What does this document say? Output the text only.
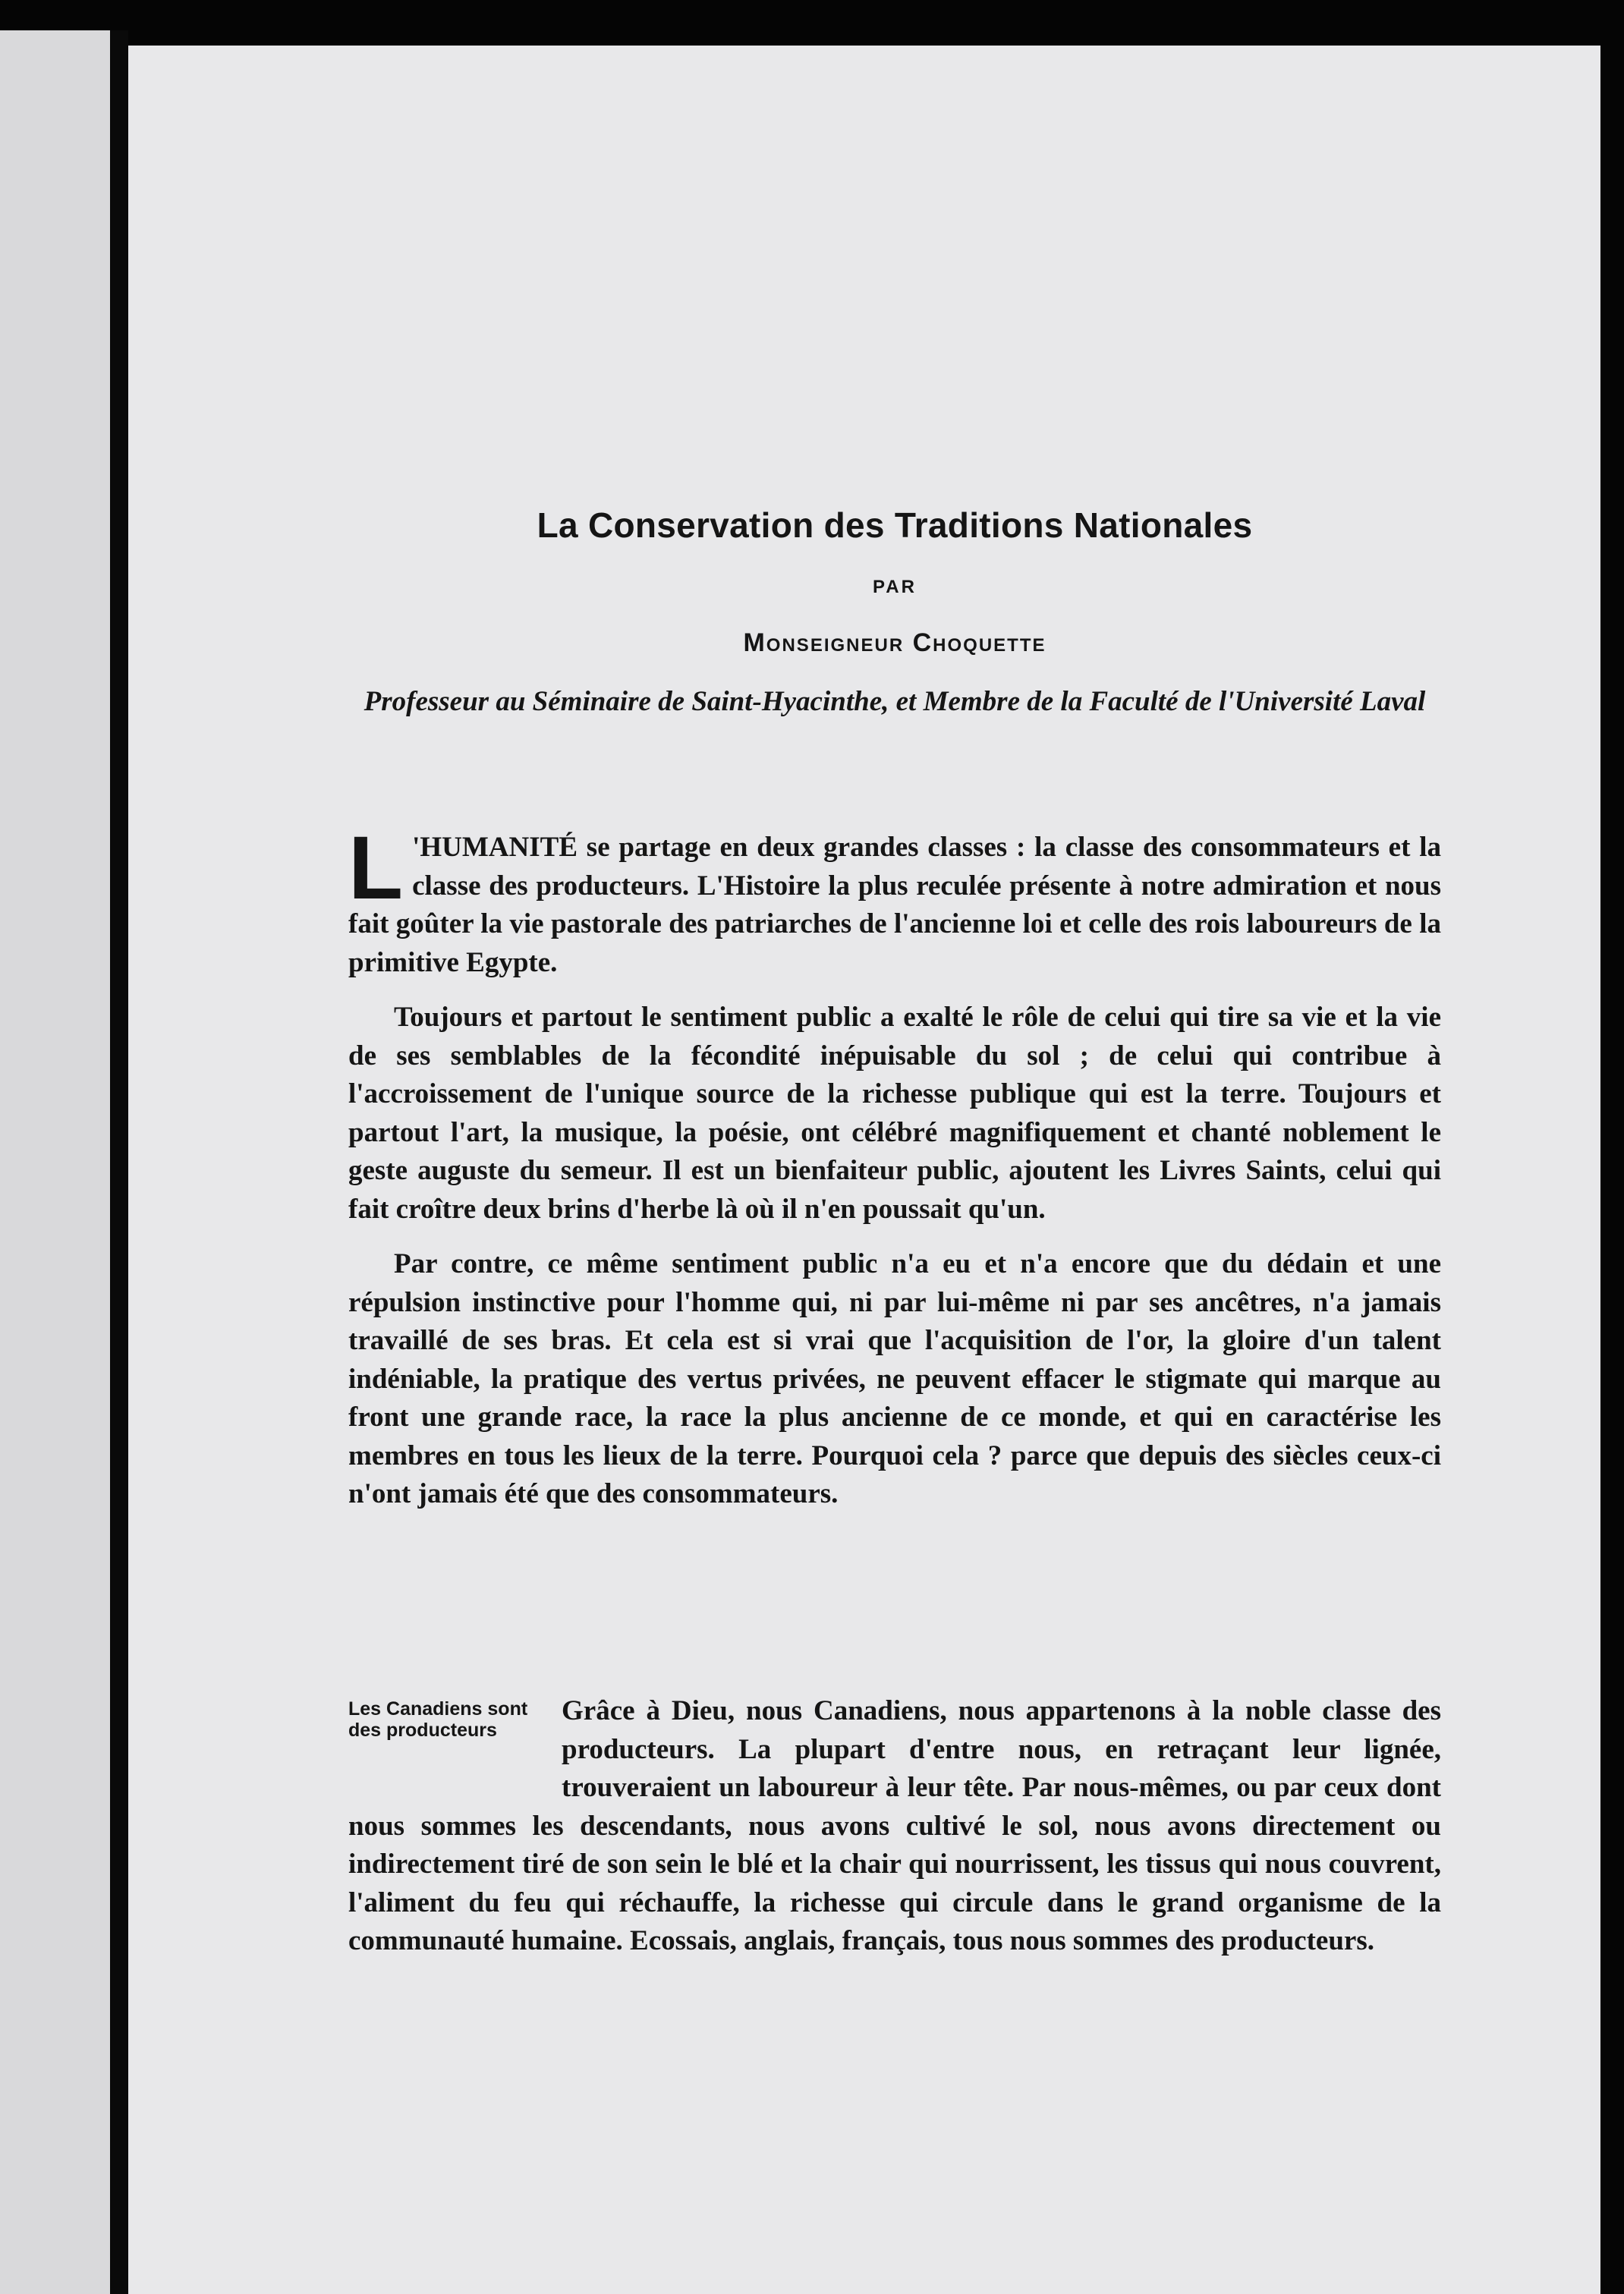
La Conservation des Traditions Nationales
PAR
Monseigneur Choquette
Professeur au Séminaire de Saint-Hyacinthe, et Membre de la Faculté de l'Université Laval

L 'HUMANITÉ se partage en deux grandes classes : la classe des consommateurs et la classe des producteurs. L'Histoire la plus reculée présente à notre admiration et nous fait goûter la vie pastorale des patriarches de l'ancienne loi et celle des rois laboureurs de la primitive Egypte.

Toujours et partout le sentiment public a exalté le rôle de celui qui tire sa vie et la vie de ses semblables de la fécondité inépuisable du sol ; de celui qui contribue à l'accroissement de l'unique source de la richesse publique qui est la terre. Toujours et partout l'art, la musique, la poésie, ont célébré magnifiquement et chanté noblement le geste auguste du semeur. Il est un bienfaiteur public, ajoutent les Livres Saints, celui qui fait croître deux brins d'herbe là où il n'en poussait qu'un.

Par contre, ce même sentiment public n'a eu et n'a encore que du dédain et une répulsion instinctive pour l'homme qui, ni par lui-même ni par ses ancêtres, n'a jamais travaillé de ses bras. Et cela est si vrai que l'acquisition de l'or, la gloire d'un talent indéniable, la pratique des vertus privées, ne peuvent effacer le stigmate qui marque au front une grande race, la race la plus ancienne de ce monde, et qui en caractérise les membres en tous les lieux de la terre. Pourquoi cela ? parce que depuis des siècles ceux-ci n'ont jamais été que des consommateurs.

Les Canadiens sont des producteurs
Grâce à Dieu, nous Canadiens, nous appartenons à la noble classe des producteurs. La plupart d'entre nous, en retraçant leur lignée, trouveraient un laboureur à leur tête. Par nous-mêmes, ou par ceux dont nous sommes les descendants, nous avons cultivé le sol, nous avons directement ou indirectement tiré de son sein le blé et la chair qui nourrissent, les tissus qui nous couvrent, l'aliment du feu qui réchauffe, la richesse qui circule dans le grand organisme de la communauté humaine. Ecossais, anglais, français, tous nous sommes des producteurs.
